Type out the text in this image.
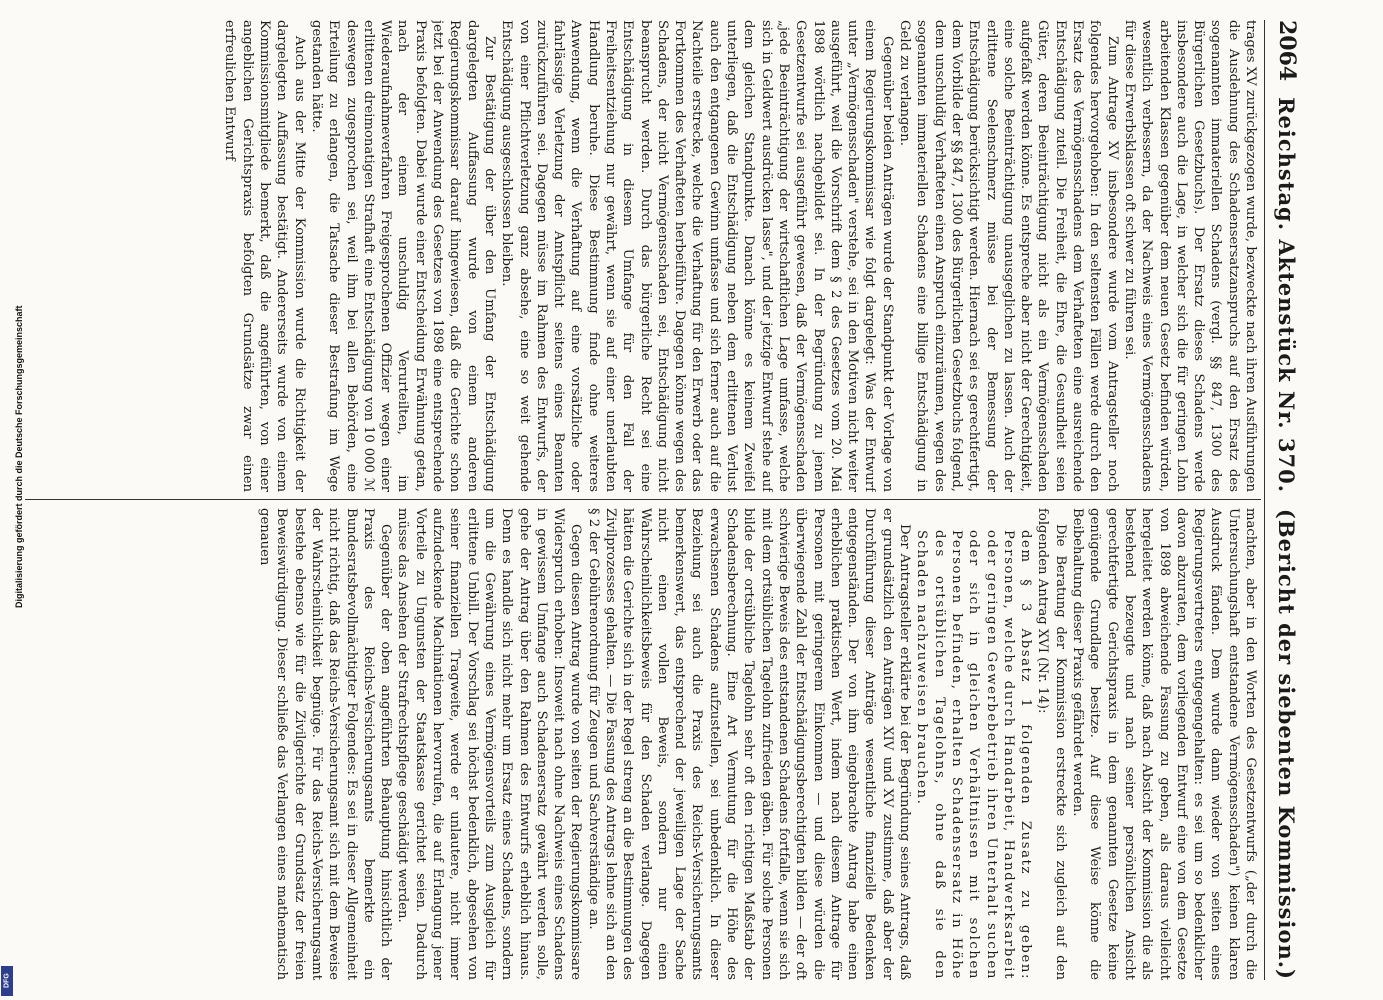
2064
Reichstag. Aktenstück Nr. 370.
(Bericht der siebenten Kommission.)

trages XV zurückgezogen wurde, bezweckte nach ihren Ausführungen die Ausdehnung des Schadensersatzanspruchs auf den Ersatz des sogenannten immateriellen Schadens (vergl. §§ 847, 1300 des Bürgerlichen Gesetzbuchs). Der Ersatz dieses Schadens werde insbesondere auch die Lage, in welcher sich die für geringen Lohn arbeitenden Klassen gegenüber dem neuen Gesetz befinden würden, wesentlich verbessern, da der Nachweis eines Vermögensschadens für diese Erwerbsklassen oft schwer zu führen sei.

Zum Antrage XV insbesondere wurde vom Antragsteller noch folgendes hervorgehoben: In den seltensten Fällen werde durch den Ersatz des Vermögensschadens dem Verhafteten eine ausreichende Entschädigung zuteil. Die Freiheit, die Ehre, die Gesundheit seien Güter, deren Beeinträchtigung nicht als ein Vermögensschaden aufgefaßt werden könne. Es entspreche aber nicht der Gerechtigkeit, eine solche Beeinträchtigung unausgeglichen zu lassen. Auch der erlittene Seelenschmerz müsse bei der Bemessung der Entschädigung berücksichtigt werden. Hiernach sei es gerechtfertigt, dem Vorbilde der §§ 847, 1300 des Bürgerlichen Gesetzbuchs folgend, dem unschuldig Verhafteten einen Anspruch einzuräumen, wegen des sogenannten immateriellen Schadens eine billige Entschädigung in Geld zu verlangen.

Gegenüber beiden Anträgen wurde der Standpunkt der Vorlage von einem Regierungskommissar wie folgt dargelegt: Was der Entwurf unter „Vermögensschaden" verstehe, sei in den Motiven nicht weiter ausgeführt, weil die Vorschrift dem § 2 des Gesetzes vom 20. Mai 1898 wörtlich nachgebildet sei. In der Begründung zu jenem Gesetzentwurfe sei ausgeführt gewesen, daß der Vermögensschaden „jede Beeinträchtigung der wirtschaftlichen Lage umfasse, welche sich in Geldwert ausdrücken lasse", und der jetzige Entwurf stehe auf dem gleichen Standpunkte. Danach könne es keinem Zweifel unterliegen, daß die Entschädigung neben dem erlittenen Verlust auch den entgangenen Gewinn umfasse und sich ferner auch auf die Nachteile erstrecke, welche die Verhaftung für den Erwerb oder das Fortkommen des Verhafteten herbeiführe. Dagegen könne wegen des Schadens, der nicht Vermögensschaden sei, Entschädigung nicht beansprucht werden. Durch das bürgerliche Recht sei eine Entschädigung in diesem Umfange für den Fall der Freiheitsentziehung nur gewährt, wenn sie auf einer unerlaubten Handlung beruhe. Diese Bestimmung finde ohne weiteres Anwendung, wenn die Verhaftung auf eine vorsätzliche oder fahrlässige Verletzung der Amtspflicht seitens eines Beamten zurückzuführen sei. Dagegen müsse im Rahmen des Entwurfs, der von einer Pflichtverletzung ganz absehe, eine so weit gehende Entschädigung ausgeschlossen bleiben.

Zur Bestätigung der über den Umfang der Entschädigung dargelegten Auffassung wurde von einem anderen Regierungskommissar darauf hingewiesen, daß die Gerichte schon jetzt bei der Anwendung des Gesetzes von 1898 eine entsprechende Praxis befolgten. Dabei wurde einer Entscheidung Erwähnung getan, nach der einem unschuldig Verurteilten, im Wiederaufnahmeverfahren Freigesprochenen Offizier wegen einer erlittenen dreimonatigen Strafhaft eine Entschädigung von 10 000 ℳ deswegen zugesprochen sei, weil ihm bei allen Behörden, eine Erteilung zu erlangen, die Tatsache dieser Bestrafung im Wege gestanden hätte.

Auch aus der Mitte der Kommission wurde die Richtigkeit der dargelegten Auffassung bestätigt. Andererseits wurde von einem Kommissionsmitgliede bemerkt, daß die angeführten, von einer angeblichen Gerichtspraxis befolgten Grundsätze zwar einen erfreulichen Entwurf

machten, aber in den Worten des Gesetzentwurfs („der durch die Untersuchungshaft entstandene Vermögensschaden") keinen klaren Ausdruck fänden. Dem wurde dann wieder von seiten eines Regierungsvertreters entgegengehalten: es sei um so bedenklicher davon abzuraten, dem vorliegenden Entwurf eine von dem Gesetze von 1898 abweichende Fassung zu geben, als daraus vielleicht hergeleitet werden könne, daß nach Absicht der Kommission die als bestehend bezeugte und nach seiner persönlichen Ansicht gerechtfertigte Gerichtspraxis in dem genannten Gesetze keine genügende Grundlage besitze. Auf diese Weise könne die Beibehaltung dieser Praxis gefährdet werden.

Die Beratung der Kommission erstreckte sich zugleich auf den folgenden Antrag XVI (Nr. 14):

dem § 3 Absatz 1 folgenden Zusatz zu geben: Personen, welche durch Handarbeit, Handwerksarbeit oder geringen Gewerbebetrieb ihren Unterhalt suchen oder sich in gleichen Verhältnissen mit solchen Personen befinden, erhalten Schadensersatz in Höhe des ortsüblichen Tagelohns, ohne daß sie den Schaden nachzuweisen brauchen.

Der Antragsteller erklärte bei der Begründung seines Antrags, daß er grundsätzlich den Anträgen XIV und XV zustimme, daß aber der Durchführung dieser Anträge wesentliche finanzielle Bedenken entgegenständen. Der von ihm eingebrachte Antrag habe einen erheblichen praktischen Wert, indem nach diesem Antrage für Personen mit geringerem Einkommen — und diese würden die überwiegende Zahl der Entschädigungsberechtigten bilden — der oft schwierige Beweis des entstandenen Schadens fortfalle, wenn sie sich mit dem ortsüblichen Tagelohn zufrieden gäben. Für solche Personen bilde der ortsübliche Tagelohn sehr oft den richtigen Maßstab der Schadensberechnung. Eine Art Vermutung für die Höhe des erwachsenen Schadens aufzustellen, sei unbedenklich. In dieser Beziehung sei auch die Praxis des Reichs-Versicherungsamts bemerkenswert, das entsprechend der jeweiligen Lage der Sache nicht einen vollen Beweis, sondern nur einen Wahrscheinlichkeitsbeweis für den Schaden verlange. Dagegen hätten die Gerichte sich in der Regel streng an die Bestimmungen des Zivilprozesses gehalten. — Die Fassung des Antrags lehne sich an den § 2 der Gebührenordnung für Zeugen und Sachverständige an.

Gegen diesen Antrag wurde von seiten der Regierungskommissare Widerspruch erhoben: Insoweit nach ohne Nachweis eines Schadens in gewissem Umfange auch Schadensersatz gewährt werden solle, gehe der Antrag über den Rahmen des Entwurfs erheblich hinaus. Denn es handle sich nicht mehr um Ersatz eines Schadens, sondern um die Gewährung eines Vermögensvorteils zum Ausgleich für erlittene Unbill. Der Vorschlag sei höchst bedenklich, abgesehen von seiner finanziellen Tragweite, werde er unlautere, nicht immer aufzudeckende Machinationen hervorrufen, die auf Erlangung jener Vorteile zu Ungunsten der Staatskasse gerichtet seien. Dadurch müsse das Ansehen der Strafrechtspflege geschädigt werden.

Gegenüber der oben angeführten Behauptung hinsichtlich der Praxis des Reichs-Versicherungsamts bemerkte ein Bundesratsbevollmächtigter Folgendes: Es sei in dieser Allgemeinheit nicht richtig, daß das Reichs-Versicherungsamt sich mit dem Beweise der Wahrscheinlichkeit begnüge. Für das Reichs-Versicherungsamt bestehe ebenso wie für die Zivilgerichte der Grundsatz der freien Beweiswürdigung. Dieser schließe das Verlangen eines mathematisch genauen

Digitalisierung gefördert durch die Deutsche Forschungsgemeinschaft
DFG
